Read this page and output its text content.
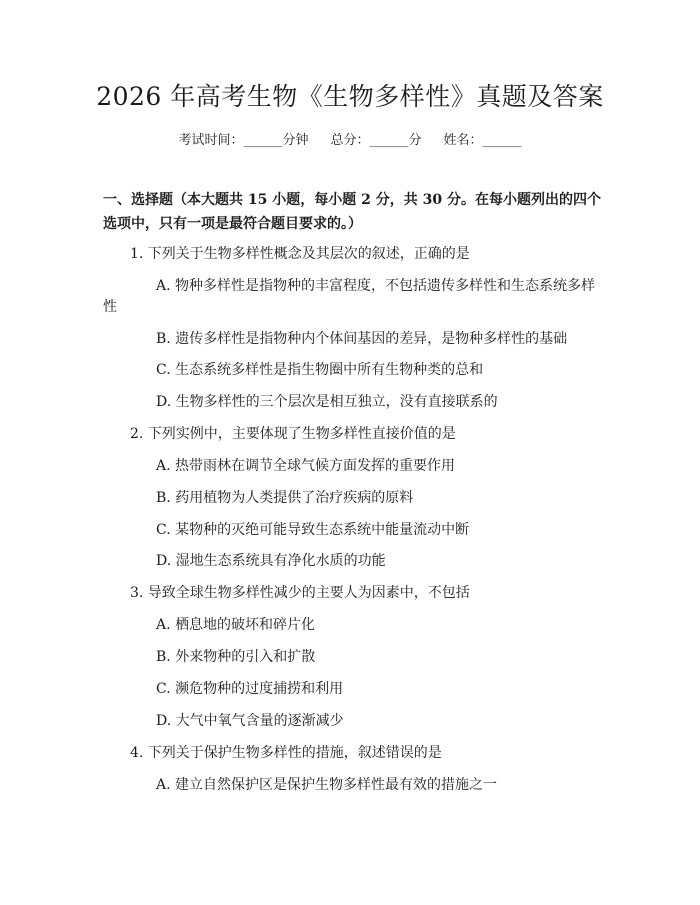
2026 年高考生物《生物多样性》真题及答案
考试时间：______分钟 总分：______分 姓名：______
一、选择题（本大题共 15 小题，每小题 2 分，共 30 分。在每小题列出的四个选项中，只有一项是最符合题目要求的。）
1. 下列关于生物多样性概念及其层次的叙述，正确的是
A. 物种多样性是指物种的丰富程度，不包括遗传多样性和生态系统多样
性
B. 遗传多样性是指物种内个体间基因的差异，是物种多样性的基础
C. 生态系统多样性是指生物圈中所有生物种类的总和
D. 生物多样性的三个层次是相互独立，没有直接联系的
2. 下列实例中，主要体现了生物多样性直接价值的是
A. 热带雨林在调节全球气候方面发挥的重要作用
B. 药用植物为人类提供了治疗疾病的原料
C. 某物种的灭绝可能导致生态系统中能量流动中断
D. 湿地生态系统具有净化水质的功能
3. 导致全球生物多样性减少的主要人为因素中，不包括
A. 栖息地的破坏和碎片化
B. 外来物种的引入和扩散
C. 濒危物种的过度捕捞和利用
D. 大气中氧气含量的逐渐减少
4. 下列关于保护生物多样性的措施，叙述错误的是
A. 建立自然保护区是保护生物多样性最有效的措施之一
